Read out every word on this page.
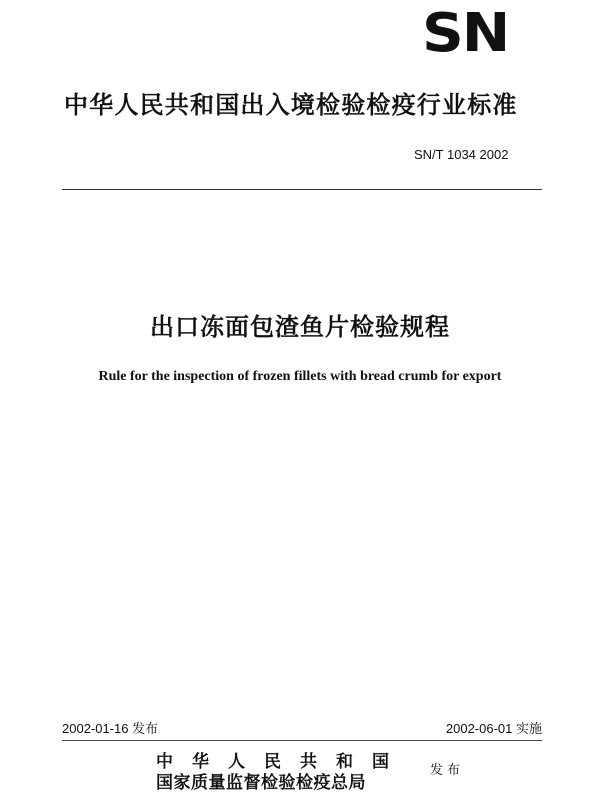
SN
中华人民共和国出入境检验检疫行业标准
SN/T 1034 2002
出口冻面包渣鱼片检验规程
Rule for the inspection of frozen fillets with bread crumb for export
2002-01-16 发布	2002-06-01 实施
中华人民共和国
国家质量监督检验检疫总局
发布
